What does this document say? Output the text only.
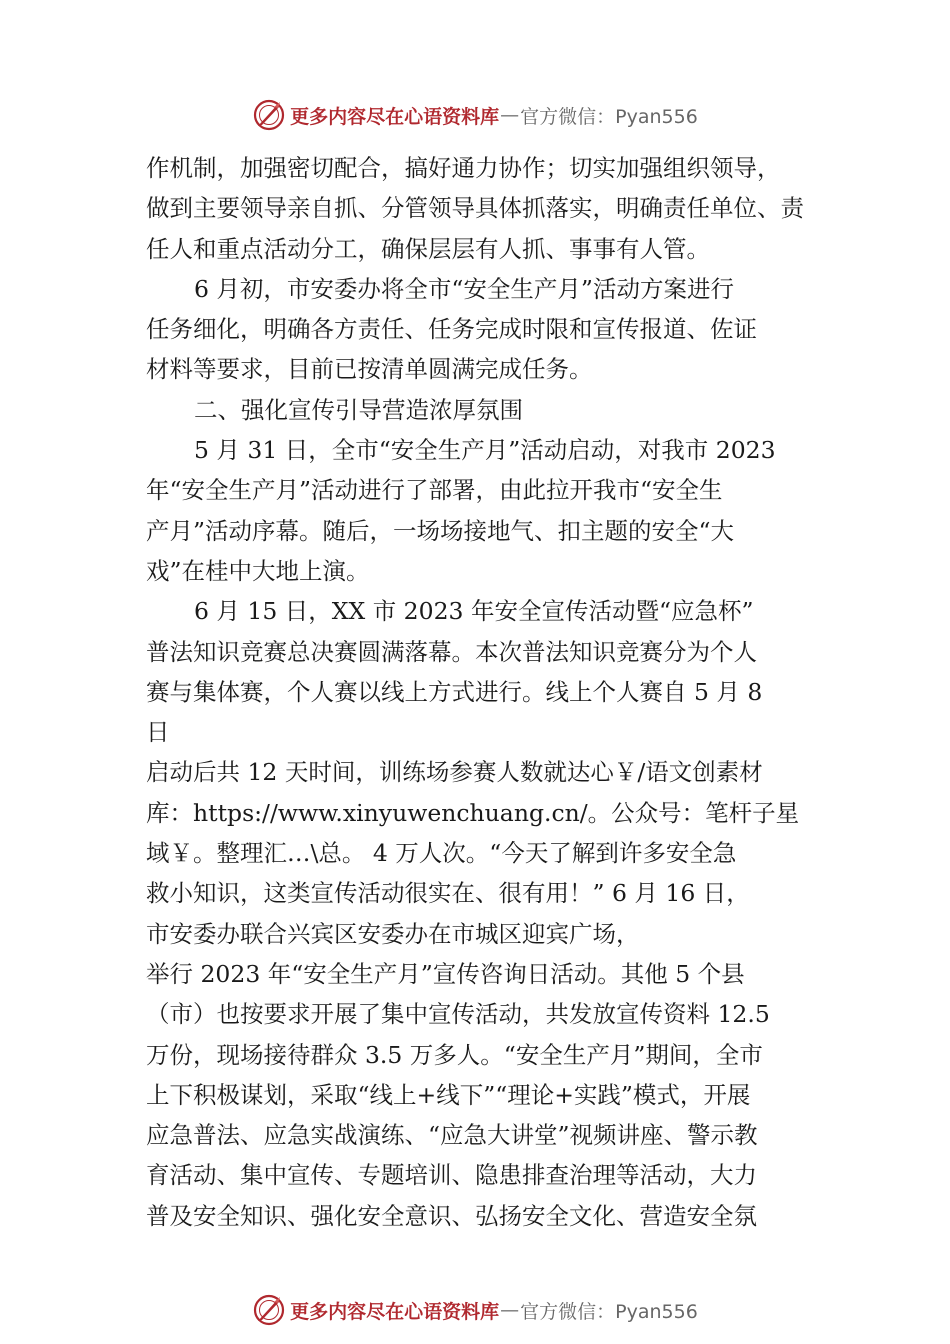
更多内容尽在心语资料库 — 官方微信：Pyan556
作机制，加强密切配合，搞好通力协作；切实加强组织领导，
做到主要领导亲自抓、分管领导具体抓落实，明确责任单位、责
任人和重点活动分工，确保层层有人抓、事事有人管。
6 月初，市安委办将全市“安全生产月”活动方案进行
任务细化，明确各方责任、任务完成时限和宣传报道、佐证
材料等要求，目前已按清单圆满完成任务。
二、强化宣传引导营造浓厚氛围
5 月 31 日，全市“安全生产月”活动启动，对我市 2023
年“安全生产月”活动进行了部署，由此拉开我市“安全生
产月”活动序幕。随后，一场场接地气、扣主题的安全“大
戏”在桂中大地上演。
6 月 15 日，XX 市 2023 年安全宣传活动暨“应急杯”
普法知识竞赛总决赛圆满落幕。本次普法知识竞赛分为个人
赛与集体赛，个人赛以线上方式进行。线上个人赛自 5 月 8
日
启动后共 12 天时间，训练场参赛人数就达心￥/语文创素材
库：https://www.xinyuwenchuang.cn/。公众号：笔杆子星
域￥。整理汇…\总。 4 万人次。“今天了解到许多安全急
救小知识，这类宣传活动很实在、很有用！” 6 月 16 日，
市安委办联合兴宾区安委办在市城区迎宾广场，
举行 2023 年“安全生产月”宣传咨询日活动。其他 5 个县
（市）也按要求开展了集中宣传活动，共发放宣传资料 12.5
万份，现场接待群众 3.5 万多人。“安全生产月”期间，全市
上下积极谋划，采取“线上+线下”“理论+实践”模式，开展
应急普法、应急实战演练、“应急大讲堂”视频讲座、警示教
育活动、集中宣传、专题培训、隐患排查治理等活动，大力
普及安全知识、强化安全意识、弘扬安全文化、营造安全氛
更多内容尽在心语资料库 — 官方微信：Pyan556
